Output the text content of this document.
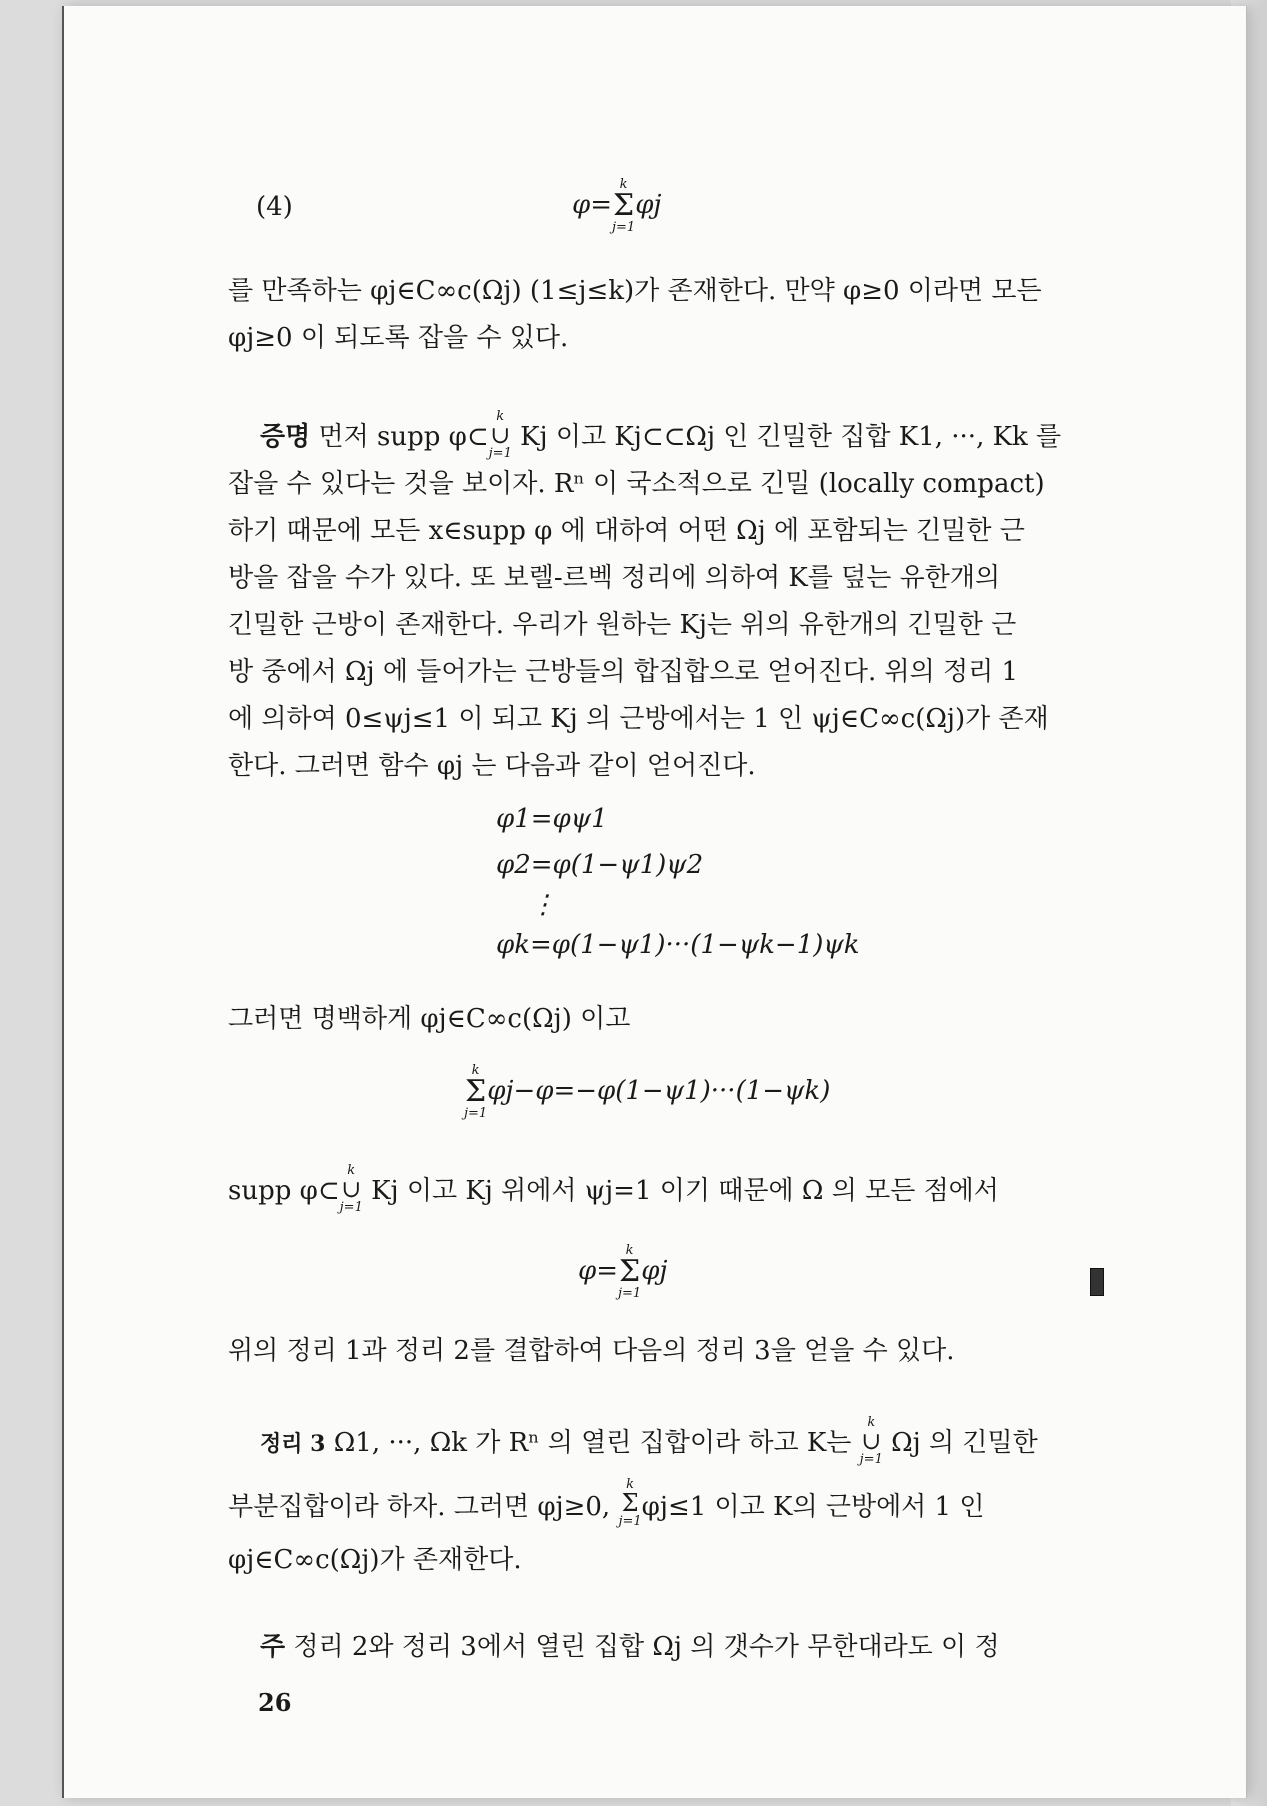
(4)	φ=
k
Σ
j=1
φj
를 만족하는 φj∈C∞c(Ωj) (1≤j≤k)가 존재한다. 만약 φ≥0 이라면 모든
φj≥0 이 되도록 잡을 수 있다.
증명 먼저 supp φ⊂
k
∪
j=1
Kj 이고 Kj⊂⊂Ωj 인 긴밀한 집합 K1, ···, Kk 를
잡을 수 있다는 것을 보이자. Rⁿ 이 국소적으로 긴밀 (locally compact)
하기 때문에 모든 x∈supp φ 에 대하여 어떤 Ωj 에 포함되는 긴밀한 근
방을 잡을 수가 있다. 또 보렐-르벡 정리에 의하여 K를 덮는 유한개의
긴밀한 근방이 존재한다. 우리가 원하는 Kj는 위의 유한개의 긴밀한 근
방 중에서 Ωj 에 들어가는 근방들의 합집합으로 얻어진다. 위의 정리 1
에 의하여 0≤ψj≤1 이 되고 Kj 의 근방에서는 1 인 ψj∈C∞c(Ωj)가 존재
한다. 그러면 함수 φj 는 다음과 같이 얻어진다.
φ1=φψ1
φ2=φ(1−ψ1)ψ2
⋮
φk=φ(1−ψ1)···(1−ψk−1)ψk
그러면 명백하게 φj∈C∞c(Ωj) 이고
k
Σ
j=1
φj−φ=−φ(1−ψ1)···(1−ψk)
supp φ⊂
k
∪
j=1
Kj 이고 Kj 위에서 ψj=1 이기 때문에 Ω 의 모든 점에서
φ=
k
Σ
j=1
φj
위의 정리 1과 정리 2를 결합하여 다음의 정리 3을 얻을 수 있다.
정리 3 Ω1, ···, Ωk 가 Rⁿ 의 열린 집합이라 하고 K는
k
∪
j=1
Ωj 의 긴밀한
부분집합이라 하자. 그러면 φj≥0,
k
Σ
j=1 φj≤1 이고 K의 근방에서 1 인
φj∈C∞c(Ωj)가 존재한다.
주 정리 2와 정리 3에서 열린 집합 Ωj 의 갯수가 무한대라도 이 정
26
